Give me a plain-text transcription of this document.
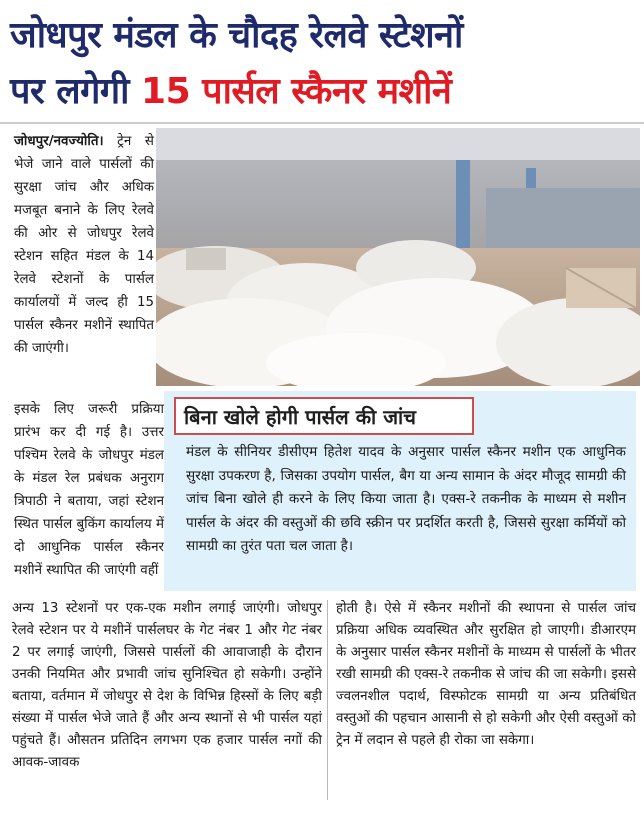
जोधपुर मंडल के चौदह रेलवे स्टेशनों
पर लगेगी 15 पार्सल स्कैनर मशीनें
जोधपुर/नवज्योति। ट्रेन से भेजे जाने वाले पार्सलों की सुरक्षा जांच और अधिक मजबूत बनाने के लिए रेलवे की ओर से जोधपुर रेलवे स्टेशन सहित मंडल के 14 रेलवे स्टेशनों के पार्सल कार्यालयों में जल्द ही 15 पार्सल स्कैनर मशीनें स्थापित की जाएंगी।
इसके लिए जरूरी प्रक्रिया प्रारंभ कर दी गई है। उत्तर पश्चिम रेलवे के जोधपुर मंडल के मंडल रेल प्रबंधक अनुराग त्रिपाठी ने बताया, जहां स्टेशन स्थित पार्सल बुकिंग कार्यालय में दो आधुनिक पार्सल स्कैनर मशीनें स्थापित की जाएंगी वहीं
बिना खोले होगी पार्सल की जांच
मंडल के सीनियर डीसीएम हितेश यादव के अनुसार पार्सल स्कैनर मशीन एक आधुनिक सुरक्षा उपकरण है, जिसका उपयोग पार्सल, बैग या अन्य सामान के अंदर मौजूद सामग्री की जांच बिना खोले ही करने के लिए किया जाता है। एक्स-रे तकनीक के माध्यम से मशीन पार्सल के अंदर की वस्तुओं की छवि स्क्रीन पर प्रदर्शित करती है, जिससे सुरक्षा कर्मियों को सामग्री का तुरंत पता चल जाता है।
अन्य 13 स्टेशनों पर एक-एक मशीन लगाई जाएंगी। जोधपुर रेलवे स्टेशन पर ये मशीनें पार्सलघर के गेट नंबर 1 और गेट नंबर 2 पर लगाई जाएंगी, जिससे पार्सलों की आवाजाही के दौरान उनकी नियमित और प्रभावी जांच सुनिश्चित हो सकेगी। उन्होंने बताया, वर्तमान में जोधपुर से देश के विभिन्न हिस्सों के लिए बड़ी संख्या में पार्सल भेजे जाते हैं और अन्य स्थानों से भी पार्सल यहां पहुंचते हैं। औसतन प्रतिदिन लगभग एक हजार पार्सल नगों की आवक-जावक
होती है। ऐसे में स्कैनर मशीनों की स्थापना से पार्सल जांच प्रक्रिया अधिक व्यवस्थित और सुरक्षित हो जाएगी। डीआरएम के अनुसार पार्सल स्कैनर मशीनों के माध्यम से पार्सलों के भीतर रखी सामग्री की एक्स-रे तकनीक से जांच की जा सकेगी। इससे ज्वलनशील पदार्थ, विस्फोटक सामग्री या अन्य प्रतिबंधित वस्तुओं की पहचान आसानी से हो सकेगी और ऐसी वस्तुओं को ट्रेन में लदान से पहले ही रोका जा सकेगा।
